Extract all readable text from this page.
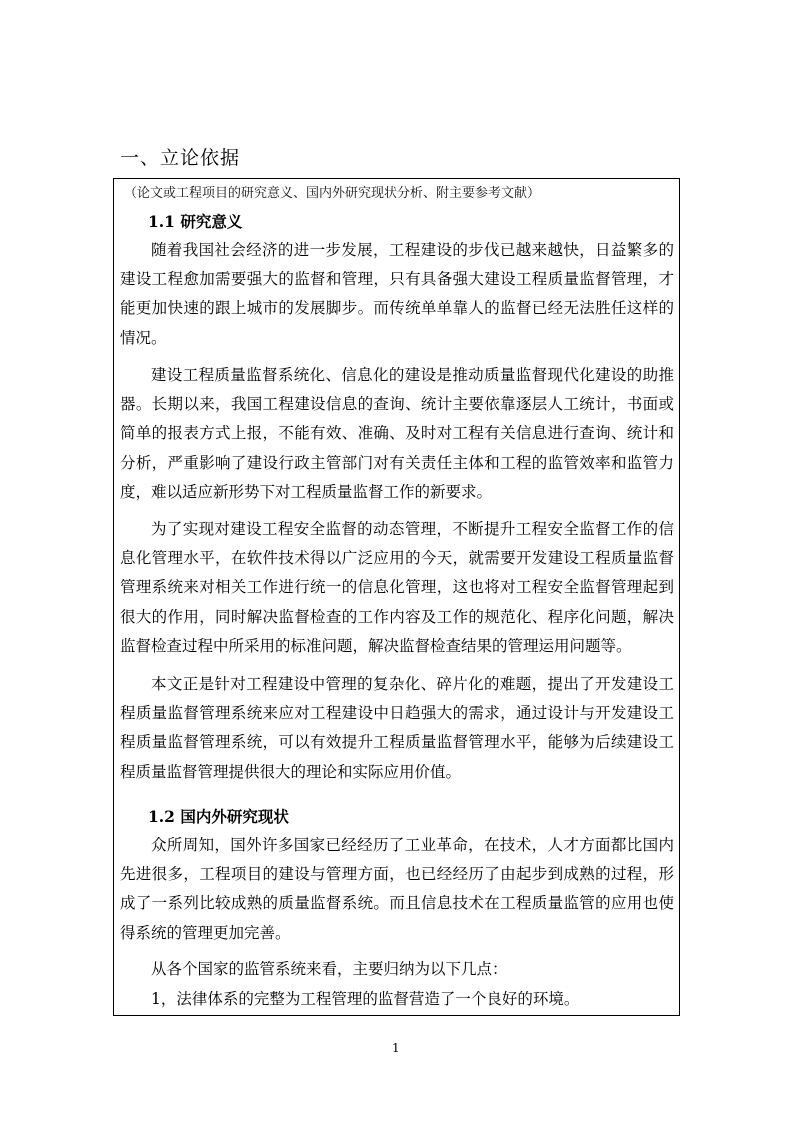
一、立论依据
（论文或工程项目的研究意义、国内外研究现状分析、附主要参考文献）
1.1 研究意义

随着我国社会经济的进一步发展，工程建设的步伐已越来越快，日益繁多的建设工程愈加需要强大的监督和管理，只有具备强大建设工程质量监督管理，才能更加快速的跟上城市的发展脚步。而传统单单靠人的监督已经无法胜任这样的情况。

建设工程质量监督系统化、信息化的建设是推动质量监督现代化建设的助推器。长期以来，我国工程建设信息的查询、统计主要依靠逐层人工统计，书面或简单的报表方式上报，不能有效、准确、及时对工程有关信息进行查询、统计和分析，严重影响了建设行政主管部门对有关责任主体和工程的监管效率和监管力度，难以适应新形势下对工程质量监督工作的新要求。

为了实现对建设工程安全监督的动态管理，不断提升工程安全监督工作的信息化管理水平，在软件技术得以广泛应用的今天，就需要开发建设工程质量监督管理系统来对相关工作进行统一的信息化管理，这也将对工程安全监督管理起到很大的作用，同时解决监督检查的工作内容及工作的规范化、程序化问题，解决监督检查过程中所采用的标准问题，解决监督检查结果的管理运用问题等。

本文正是针对工程建设中管理的复杂化、碎片化的难题，提出了开发建设工程质量监督管理系统来应对工程建设中日趋强大的需求，通过设计与开发建设工程质量监督管理系统，可以有效提升工程质量监督管理水平，能够为后续建设工程质量监督管理提供很大的理论和实际应用价值。

1.2 国内外研究现状

众所周知，国外许多国家已经经历了工业革命，在技术，人才方面都比国内先进很多，工程项目的建设与管理方面，也已经经历了由起步到成熟的过程，形成了一系列比较成熟的质量监督系统。而且信息技术在工程质量监管的应用也使得系统的管理更加完善。

从各个国家的监管系统来看，主要归纳为以下几点：

1，法律体系的完整为工程管理的监督营造了一个良好的环境。

1
